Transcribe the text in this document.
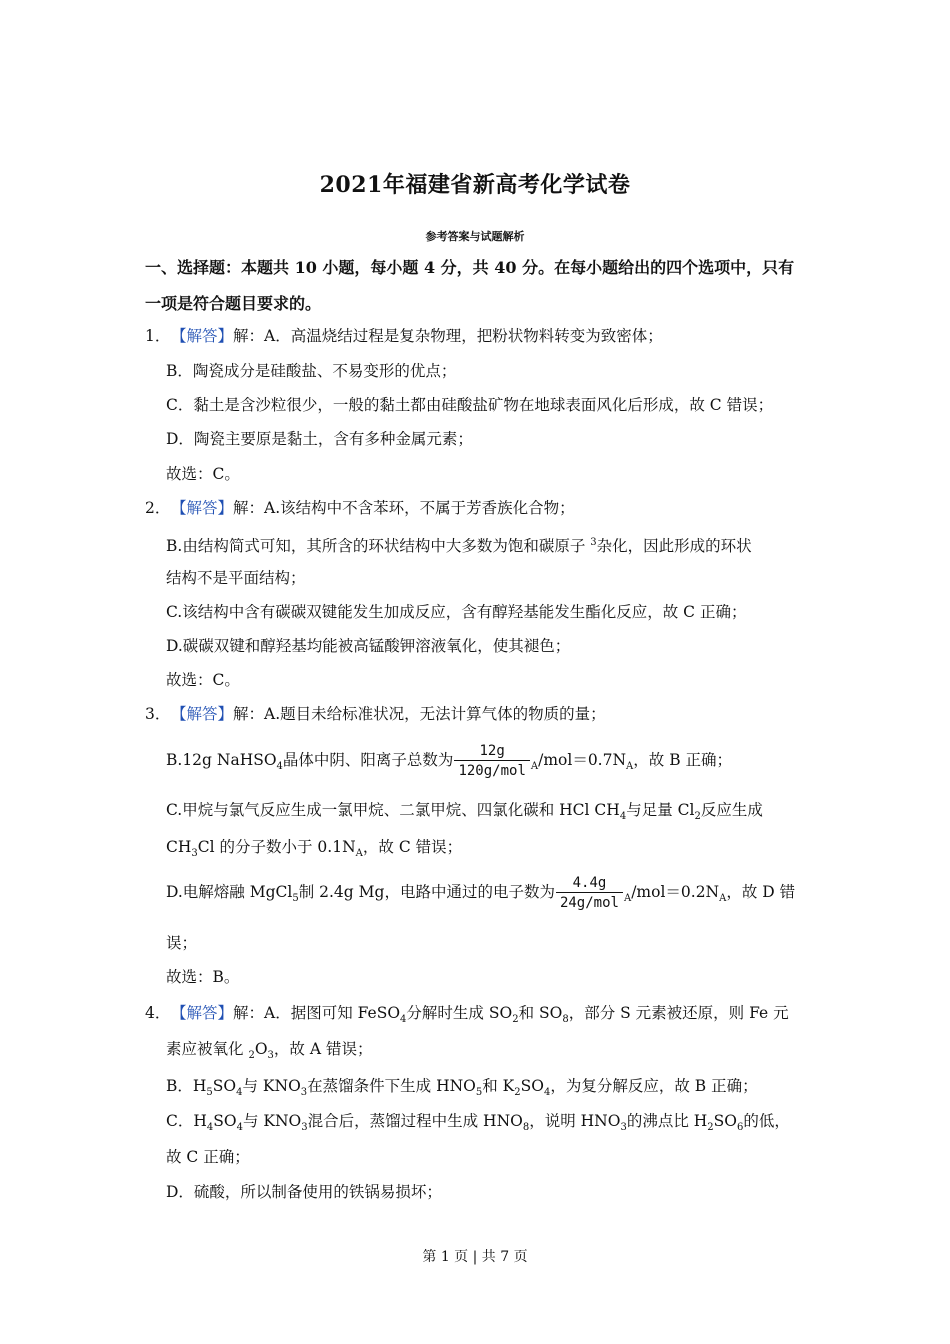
2021年福建省新高考化学试卷
参考答案与试题解析
一、选择题：本题共 10 小题，每小题 4 分，共 40 分。在每小题给出的四个选项中，只有
一项是符合题目要求的。
1．【解答】解：A．高温烧结过程是复杂物理，把粉状物料转变为致密体；
B．陶瓷成分是硅酸盐、不易变形的优点；
C．黏土是含沙粒很少，一般的黏土都由硅酸盐矿物在地球表面风化后形成，故 C 错误；
D．陶瓷主要原是黏土，含有多种金属元素；
故选：C。
2．【解答】解：A.该结构中不含苯环，不属于芳香族化合物；
B.由结构简式可知，其所含的环状结构中大多数为饱和碳原子 $^3$杂化，因此形成的环状
结构不是平面结构；
C.该结构中含有碳碳双键能发生加成反应，含有醇羟基能发生酯化反应，故 C 正确；
D.碳碳双键和醇羟基均能被高锰酸钾溶液氧化，使其褪色；
故选：C。
3．【解答】解：A.题目未给标准状况，无法计算气体的物质的量；
B.12g NaHSO$_4$晶体中阴、阳离子总数为 $\frac{12g}{\text{120g/mol}} _A/mol=0.7N_A$，故 B 正确；
C.甲烷与氯气反应生成一氯甲烷、二氯甲烷、四氯化碳和 HCl $CH_4$与足量 $Cl_2$反应生成
$CH_3Cl$ 的分子数小于 $0.1N_A$，故 C 错误；
D.电解熔融 MgCl$_5$制 2.4g Mg，电路中通过的电子数为 $\frac{4.4g}{\text{24g/mol}} _A/mol=0.2N_A$，故 D 错
误；
故选：B。
4．【解答】解：A．据图可知 FeSO$_4$分解时生成 $SO_2$和 $SO_8$，部分 S 元素被还原，则 Fe 元
素应被氧化 $_2O_3$，故 A 错误；
B．$H_5SO_4$与 $KNO_3$在蒸馏条件下生成 $HNO_5$和 $K_2SO_4$，为复分解反应，故 B 正确；
C．$H_4SO_4$与 $KNO_3$混合后，蒸馏过程中生成 $HNO_8$，说明 $HNO_3$的沸点比 $H_2SO_6$的低，
故 C 正确；
D．硫酸，所以制备使用的铁锅易损坏；
第 1 页 | 共 7 页
